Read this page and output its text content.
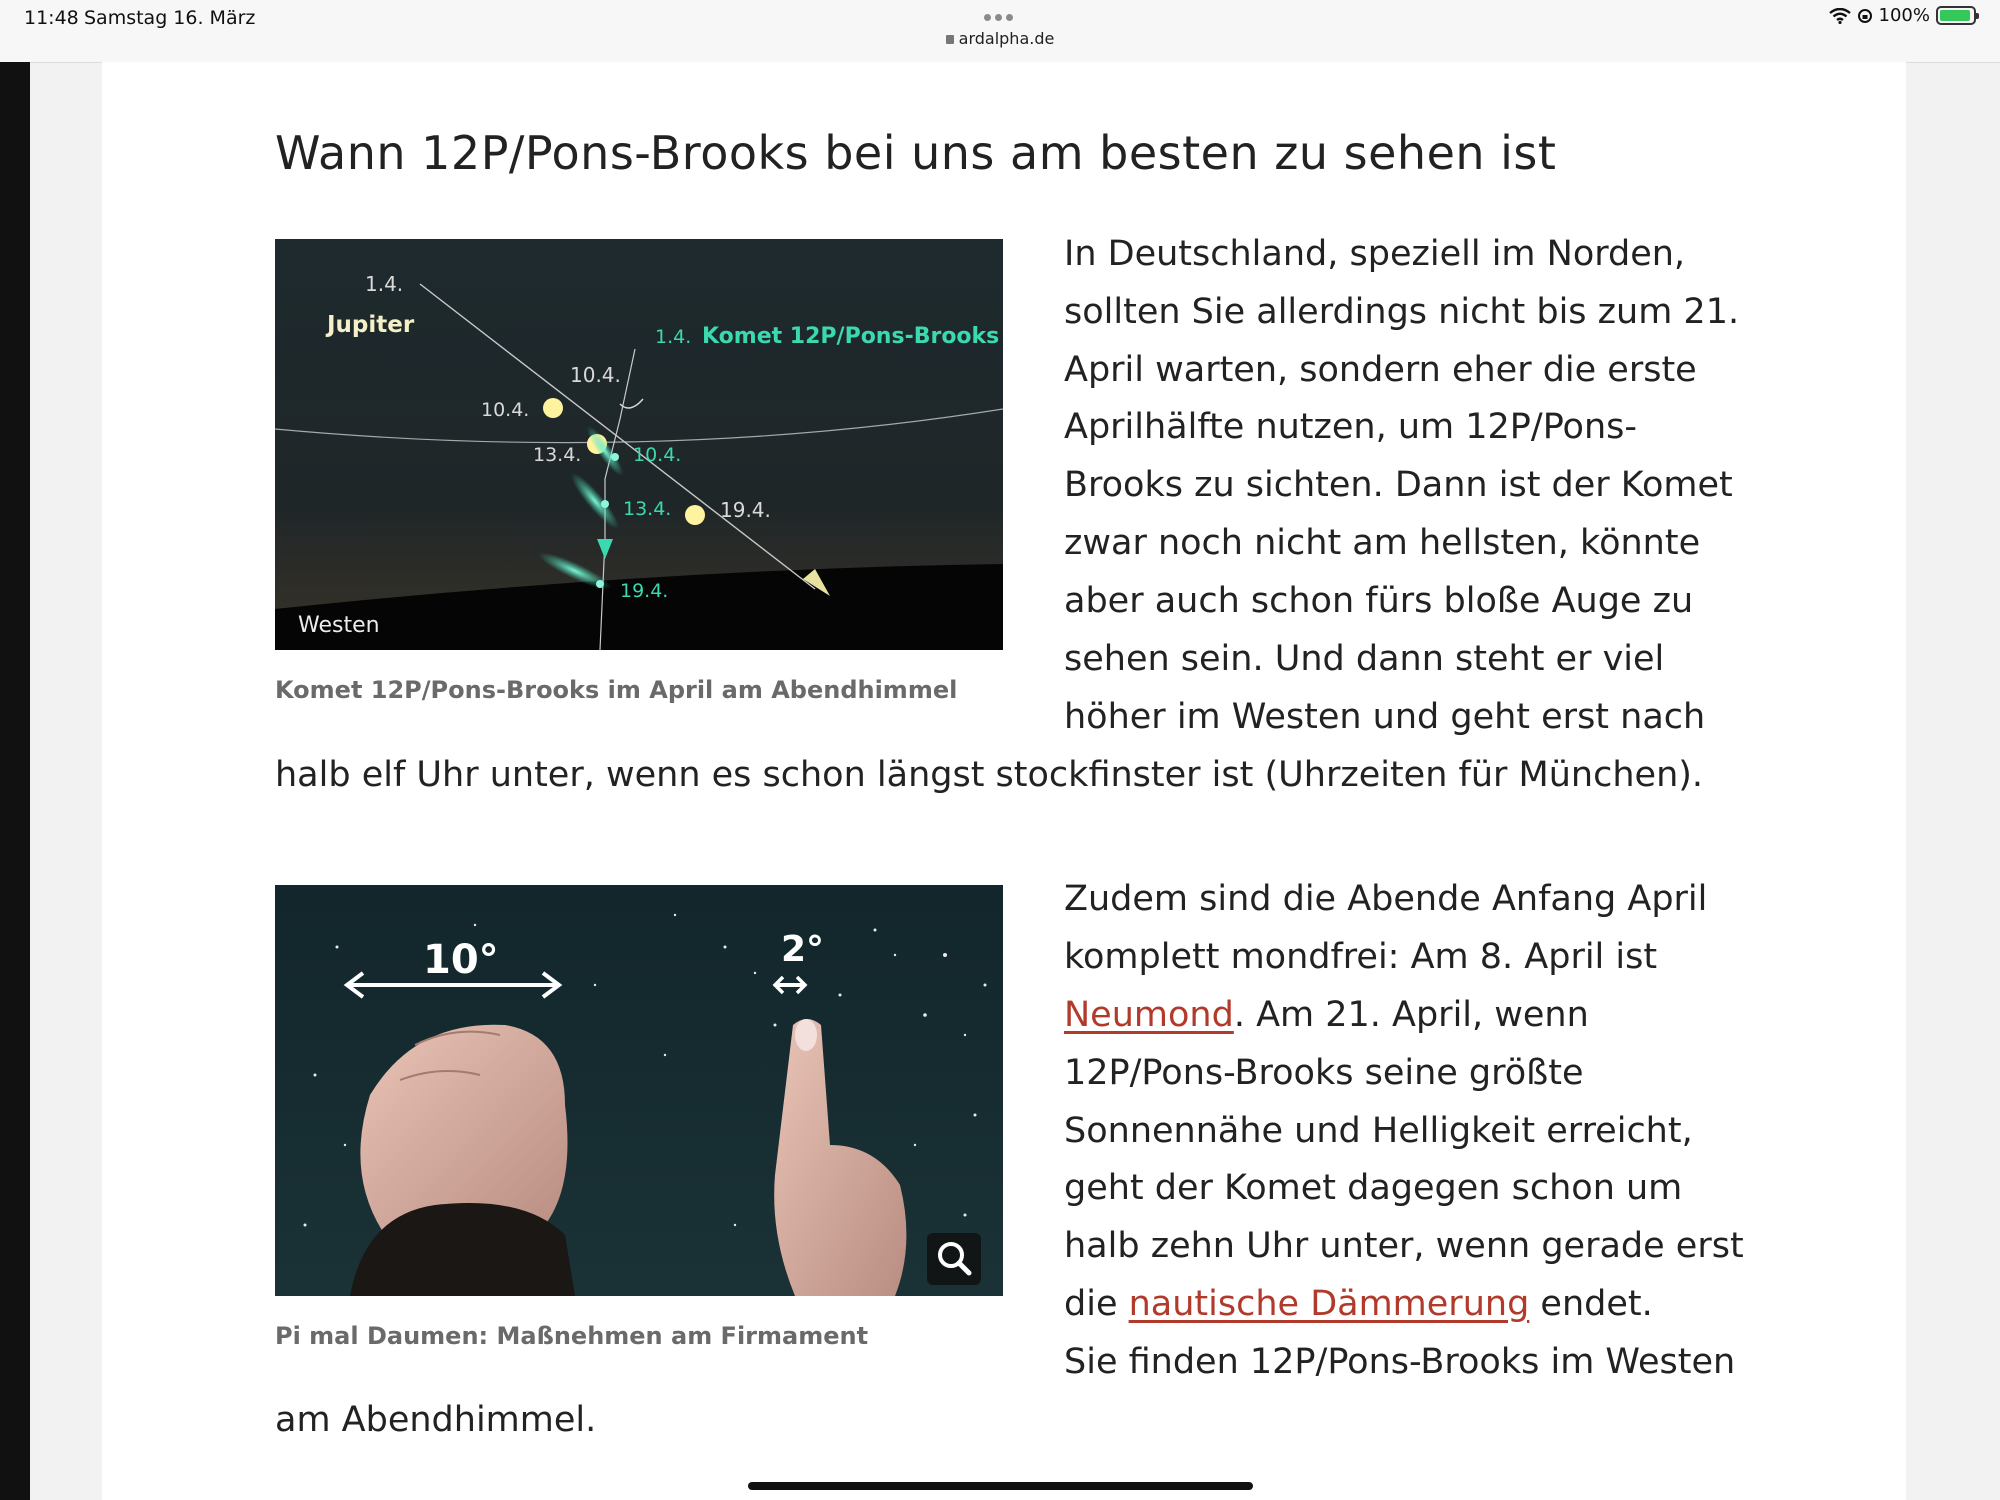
11:48 Samstag 16. März
ardalpha.de
100%
Wann 12P/Pons-Brooks bei uns am besten zu sehen ist
1.4.
Jupiter	1.4. Komet 12P/Pons-Brooks
10.4.
10.4.
13.4.	10.4.
13.4. 19.4.
19.4.
Westen
Komet 12P/Pons-Brooks im April am Abendhimmel
In Deutschland, speziell im Norden,
sollten Sie allerdings nicht bis zum 21.
April warten, sondern eher die erste
Aprilhälfte nutzen, um 12P/Pons-
Brooks zu sichten. Dann ist der Komet
zwar noch nicht am hellsten, könnte
aber auch schon fürs bloße Auge zu
sehen sein. Und dann steht er viel
höher im Westen und geht erst nach
halb elf Uhr unter, wenn es schon längst stockfinster ist (Uhrzeiten für München).
10°	2°
Pi mal Daumen: Maßnehmen am Firmament
Zudem sind die Abende Anfang April
komplett mondfrei: Am 8. April ist
Neumond. Am 21. April, wenn
12P/Pons-Brooks seine größte
Sonnennähe und Helligkeit erreicht,
geht der Komet dagegen schon um
halb zehn Uhr unter, wenn gerade erst
die nautische Dämmerung endet.
Sie finden 12P/Pons-Brooks im Westen
am Abendhimmel.
